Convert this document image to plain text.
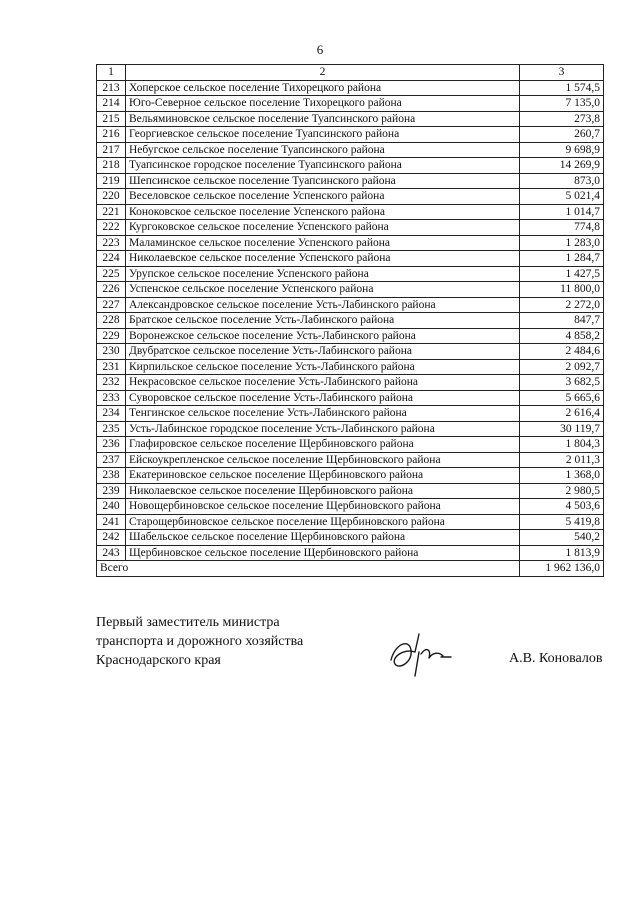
6
1	2	3
213	Хоперское сельское поселение Тихорецкого района	1 574,5
214	Юго-Северное сельское поселение Тихорецкого района	7 135,0
215	Вельяминовское сельское поселение Туапсинского района	273,8
216	Георгиевское сельское поселение Туапсинского района	260,7
217	Небугское сельское поселение Туапсинского района	9 698,9
218	Туапсинское городское поселение Туапсинского района	14 269,9
219	Шепсинское сельское поселение Туапсинского района	873,0
220	Веселовское сельское поселение Успенского района	5 021,4
221	Коноковское сельское поселение Успенского района	1 014,7
222	Кургоковское сельское поселение Успенского района	774,8
223	Маламинское сельское поселение Успенского района	1 283,0
224	Николаевское сельское поселение Успенского района	1 284,7
225	Урупское сельское поселение Успенского района	1 427,5
226	Успенское сельское поселение Успенского района	11 800,0
227	Александровское сельское поселение Усть-Лабинского района	2 272,0
228	Братское сельское поселение Усть-Лабинского района	847,7
229	Воронежское сельское поселение Усть-Лабинского района	4 858,2
230	Двубратское сельское поселение Усть-Лабинского района	2 484,6
231	Кирпильское сельское поселение Усть-Лабинского района	2 092,7
232	Некрасовское сельское поселение Усть-Лабинского района	3 682,5
233	Суворовское сельское поселение Усть-Лабинского района	5 665,6
234	Тенгинское сельское поселение Усть-Лабинского района	2 616,4
235	Усть-Лабинское городское поселение Усть-Лабинского района	30 119,7
236	Глафировское сельское поселение Щербиновского района	1 804,3
237	Ейскоукрепленское сельское поселение Щербиновского района	2 011,3
238	Екатериновское сельское поселение Щербиновского района	1 368,0
239	Николаевское сельское поселение Щербиновского района	2 980,5
240	Новощербиновское сельское поселение Щербиновского района	4 503,6
241	Старощербиновское сельское поселение Щербиновского района	5 419,8
242	Шабельское сельское поселение Щербиновского района	540,2
243	Щербиновское сельское поселение Щербиновского района	1 813,9
Всего		1 962 136,0
Первый заместитель министра
транспорта и дорожного хозяйства
Краснодарского края	А.В. Коновалов
